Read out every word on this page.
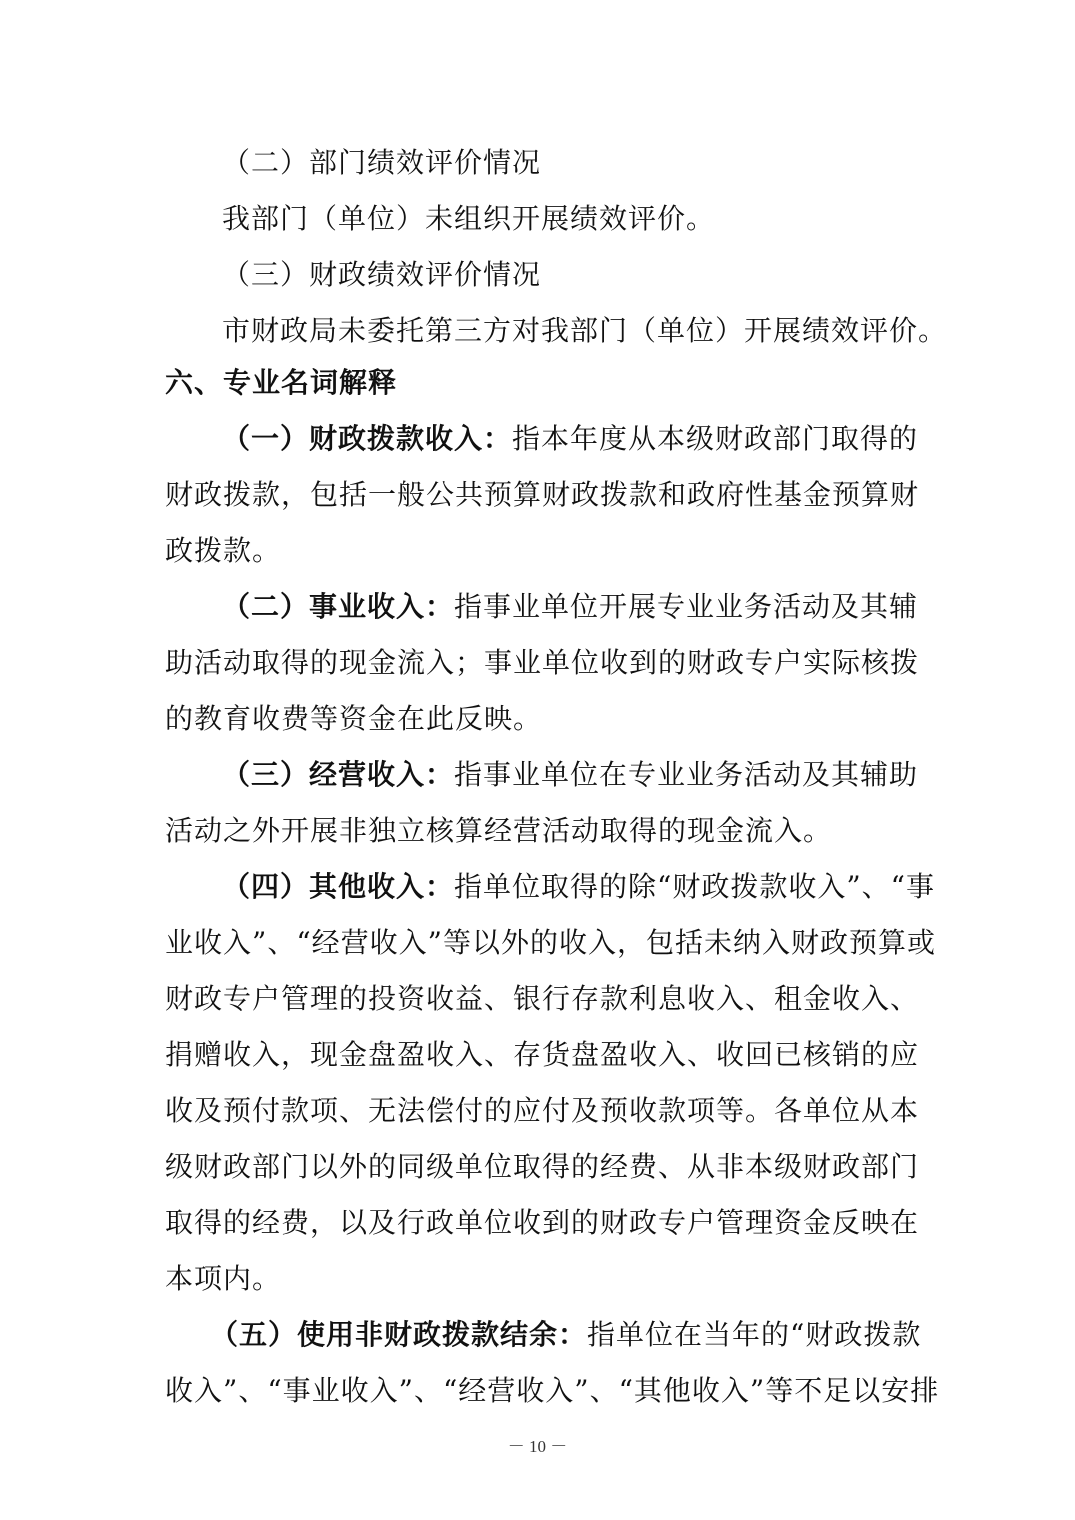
（二）部门绩效评价情况
我部门（单位）未组织开展绩效评价。
（三）财政绩效评价情况
市财政局未委托第三方对我部门（单位）开展绩效评价。
六、专业名词解释
（一）财政拨款收入：指本年度从本级财政部门取得的
财政拨款，包括一般公共预算财政拨款和政府性基金预算财
政拨款。
（二）事业收入：指事业单位开展专业业务活动及其辅
助活动取得的现金流入；事业单位收到的财政专户实际核拨
的教育收费等资金在此反映。
（三）经营收入：指事业单位在专业业务活动及其辅助
活动之外开展非独立核算经营活动取得的现金流入。
（四）其他收入：指单位取得的除“财政拨款收入”、“事
业收入”、“经营收入”等以外的收入，包括未纳入财政预算或
财政专户管理的投资收益、银行存款利息收入、租金收入、
捐赠收入，现金盘盈收入、存货盘盈收入、收回已核销的应
收及预付款项、无法偿付的应付及预收款项等。各单位从本
级财政部门以外的同级单位取得的经费、从非本级财政部门
取得的经费，以及行政单位收到的财政专户管理资金反映在
本项内。
（五）使用非财政拨款结余：指单位在当年的“财政拨款
收入”、“事业收入”、“经营收入”、“其他收入”等不足以安排
－ 10 －
